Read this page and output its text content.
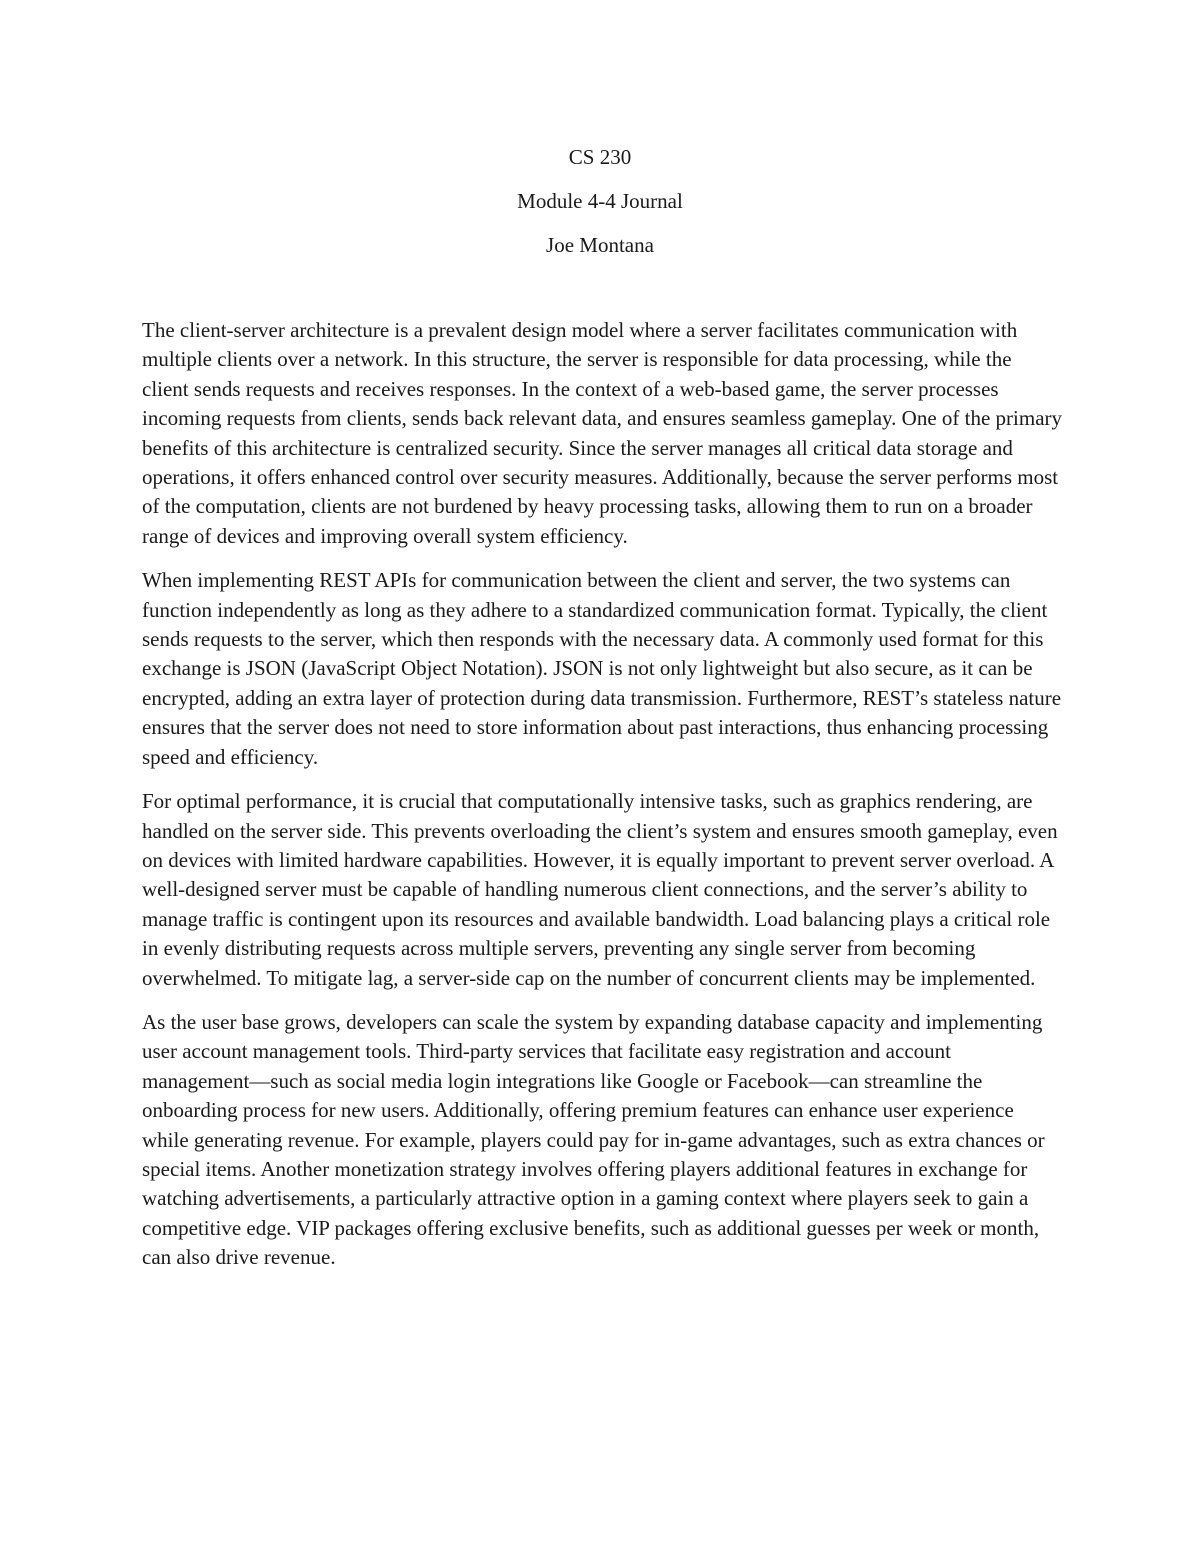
CS 230
Module 4-4 Journal
Joe Montana

The client-server architecture is a prevalent design model where a server facilitates communication with multiple clients over a network. In this structure, the server is responsible for data processing, while the client sends requests and receives responses. In the context of a web-based game, the server processes incoming requests from clients, sends back relevant data, and ensures seamless gameplay. One of the primary benefits of this architecture is centralized security. Since the server manages all critical data storage and operations, it offers enhanced control over security measures. Additionally, because the server performs most of the computation, clients are not burdened by heavy processing tasks, allowing them to run on a broader range of devices and improving overall system efficiency.

When implementing REST APIs for communication between the client and server, the two systems can function independently as long as they adhere to a standardized communication format. Typically, the client sends requests to the server, which then responds with the necessary data. A commonly used format for this exchange is JSON (JavaScript Object Notation). JSON is not only lightweight but also secure, as it can be encrypted, adding an extra layer of protection during data transmission. Furthermore, REST’s stateless nature ensures that the server does not need to store information about past interactions, thus enhancing processing speed and efficiency.

For optimal performance, it is crucial that computationally intensive tasks, such as graphics rendering, are handled on the server side. This prevents overloading the client’s system and ensures smooth gameplay, even on devices with limited hardware capabilities. However, it is equally important to prevent server overload. A well-designed server must be capable of handling numerous client connections, and the server’s ability to manage traffic is contingent upon its resources and available bandwidth. Load balancing plays a critical role in evenly distributing requests across multiple servers, preventing any single server from becoming overwhelmed. To mitigate lag, a server-side cap on the number of concurrent clients may be implemented.

As the user base grows, developers can scale the system by expanding database capacity and implementing user account management tools. Third-party services that facilitate easy registration and account management—such as social media login integrations like Google or Facebook—can streamline the onboarding process for new users. Additionally, offering premium features can enhance user experience while generating revenue. For example, players could pay for in-game advantages, such as extra chances or special items. Another monetization strategy involves offering players additional features in exchange for watching advertisements, a particularly attractive option in a gaming context where players seek to gain a competitive edge. VIP packages offering exclusive benefits, such as additional guesses per week or month, can also drive revenue.
